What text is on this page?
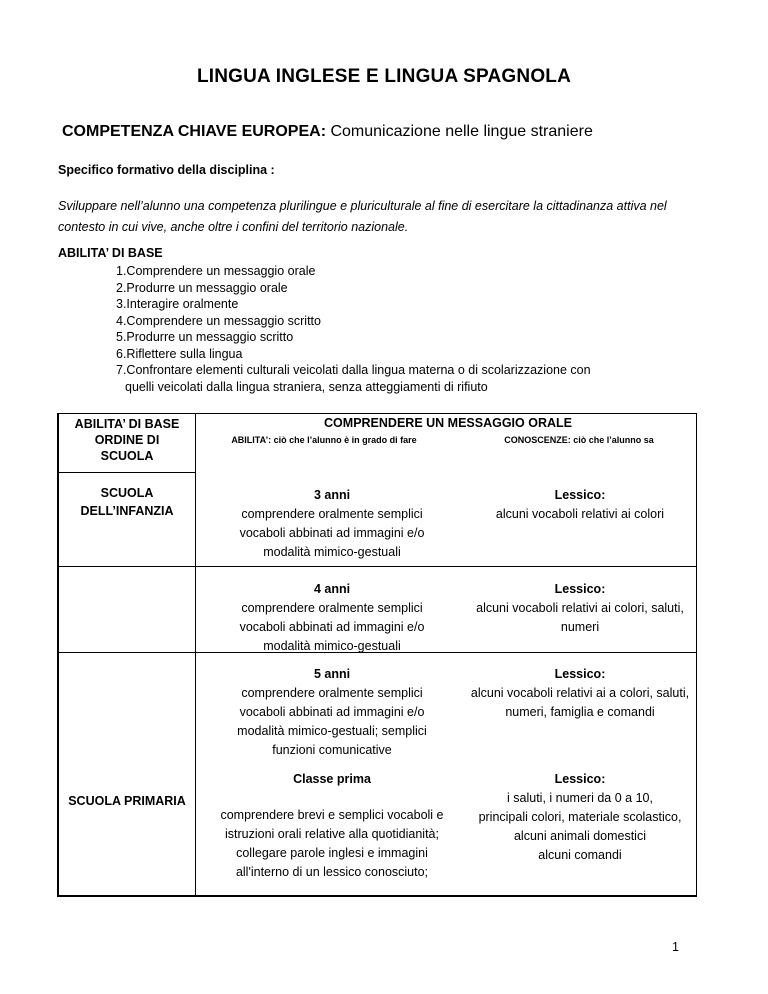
LINGUA INGLESE E LINGUA SPAGNOLA
COMPETENZA CHIAVE EUROPEA: Comunicazione nelle lingue straniere
Specifico formativo della disciplina :
Sviluppare nell’alunno una competenza plurilingue e pluriculturale al fine di esercitare la cittadinanza attiva nel contesto in cui vive, anche oltre i confini del territorio nazionale.
ABILITA’ DI BASE
1.Comprendere un messaggio orale
2.Produrre un messaggio orale
3.Interagire oralmente
4.Comprendere un messaggio scritto
5.Produrre un messaggio scritto
6.Riflettere sulla lingua
7.Confrontare elementi culturali veicolati dalla lingua materna o di scolarizzazione con
quelli veicolati dalla lingua straniera, senza atteggiamenti di rifiuto
ABILITA’ DI BASE
ORDINE DI
SCUOLA
COMPRENDERE UN MESSAGGIO ORALE
ABILITA’: ciò che l’alunno è in grado di fare	CONOSCENZE: ciò che l’alunno sa
SCUOLA
DELL’INFANZIA
3 anni
comprendere oralmente semplici
vocaboli abbinati ad immagini e/o
modalità mimico-gestuali
Lessico:
alcuni vocaboli relativi ai colori
4 anni
comprendere oralmente semplici
vocaboli abbinati ad immagini e/o
modalità mimico-gestuali
Lessico:
alcuni vocaboli relativi ai colori, saluti,
numeri
5 anni
comprendere oralmente semplici
vocaboli abbinati ad immagini e/o
modalità mimico-gestuali; semplici
funzioni comunicative
Lessico:
alcuni vocaboli relativi ai a colori, saluti,
numeri, famiglia e comandi
SCUOLA PRIMARIA
Classe prima
comprendere brevi e semplici vocaboli e
istruzioni orali relative alla quotidianità;
collegare parole inglesi e immagini
all'interno di un lessico conosciuto;
Lessico:
i saluti, i numeri da 0 a 10,
principali colori, materiale scolastico,
alcuni animali domestici
alcuni comandi
1
